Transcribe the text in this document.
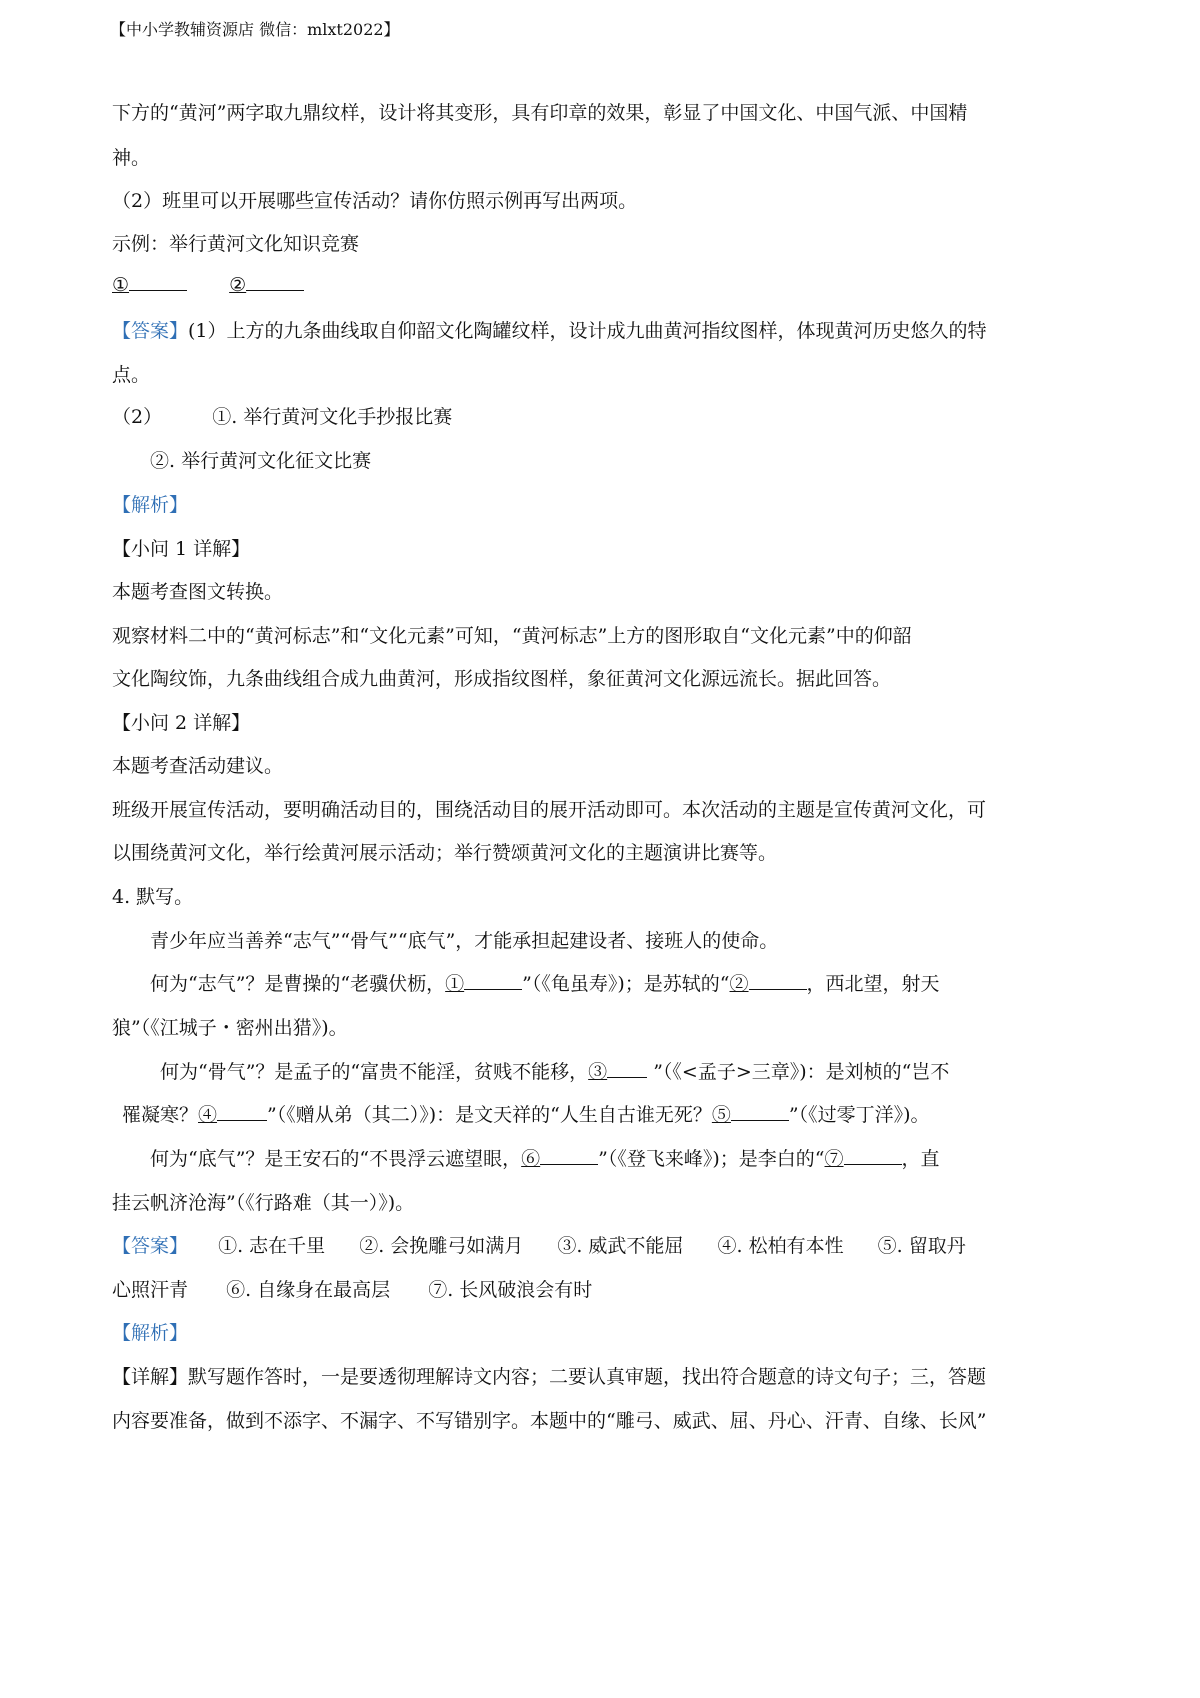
【中小学教辅资源店 微信：mlxt2022】
下方的“黄河”两字取九鼎纹样，设计将其变形，具有印章的效果，彰显了中国文化、中国气派、中国精
神。
（2）班里可以开展哪些宣传活动？请你仿照示例再写出两项。
示例：举行黄河文化知识竞赛
①	②
【答案】(1）上方的九条曲线取自仰韶文化陶罐纹样，设计成九曲黄河指纹图样，体现黄河历史悠久的特
点。
（2）	①. 举行黄河文化手抄报比赛
②. 举行黄河文化征文比赛
【解析】
【小问 1 详解】
本题考查图文转换。
观察材料二中的“黄河标志”和“文化元素”可知，“黄河标志”上方的图形取自“文化元素”中的仰韶
文化陶纹饰，九条曲线组合成九曲黄河，形成指纹图样，象征黄河文化源远流长。据此回答。
【小问 2 详解】
本题考查活动建议。
班级开展宣传活动，要明确活动目的，围绕活动目的展开活动即可。本次活动的主题是宣传黄河文化，可
以围绕黄河文化，举行绘黄河展示活动；举行赞颂黄河文化的主题演讲比赛等。
4. 默写。
青少年应当善养“志气”“骨气”“底气”，才能承担起建设者、接班人的使命。
何为“志气”？是曹操的“老骥伏枥，①	”（《龟虽寿》)；是苏轼的“②	，西北望，射天
狼”（《江城子・密州出猎》)。
何为“骨气”？是孟子的“富贵不能淫，贫贱不能移，③ ”（《<孟子>三章》)：是刘桢的“岂不
罹凝寒？④	”（《赠从弟（其二）》)：是文天祥的“人生自古谁无死？⑤	”（《过零丁洋》)。
何为“底气”？是王安石的“不畏浮云遮望眼，⑥	”（《登飞来峰》)；是李白的“⑦	，直
挂云帆济沧海”（《行路难（其一）》)。
【答案】 ①. 志在千里 ②. 会挽雕弓如满月 ③. 威武不能屈 ④. 松柏有本性 ⑤. 留取丹
心照汗青 ⑥. 自缘身在最高层 ⑦. 长风破浪会有时
【解析】
【详解】默写题作答时，一是要透彻理解诗文内容；二要认真审题，找出符合题意的诗文句子；三，答题
内容要准备，做到不添字、不漏字、不写错别字。本题中的“雕弓、威武、屈、丹心、汗青、自缘、长风”
